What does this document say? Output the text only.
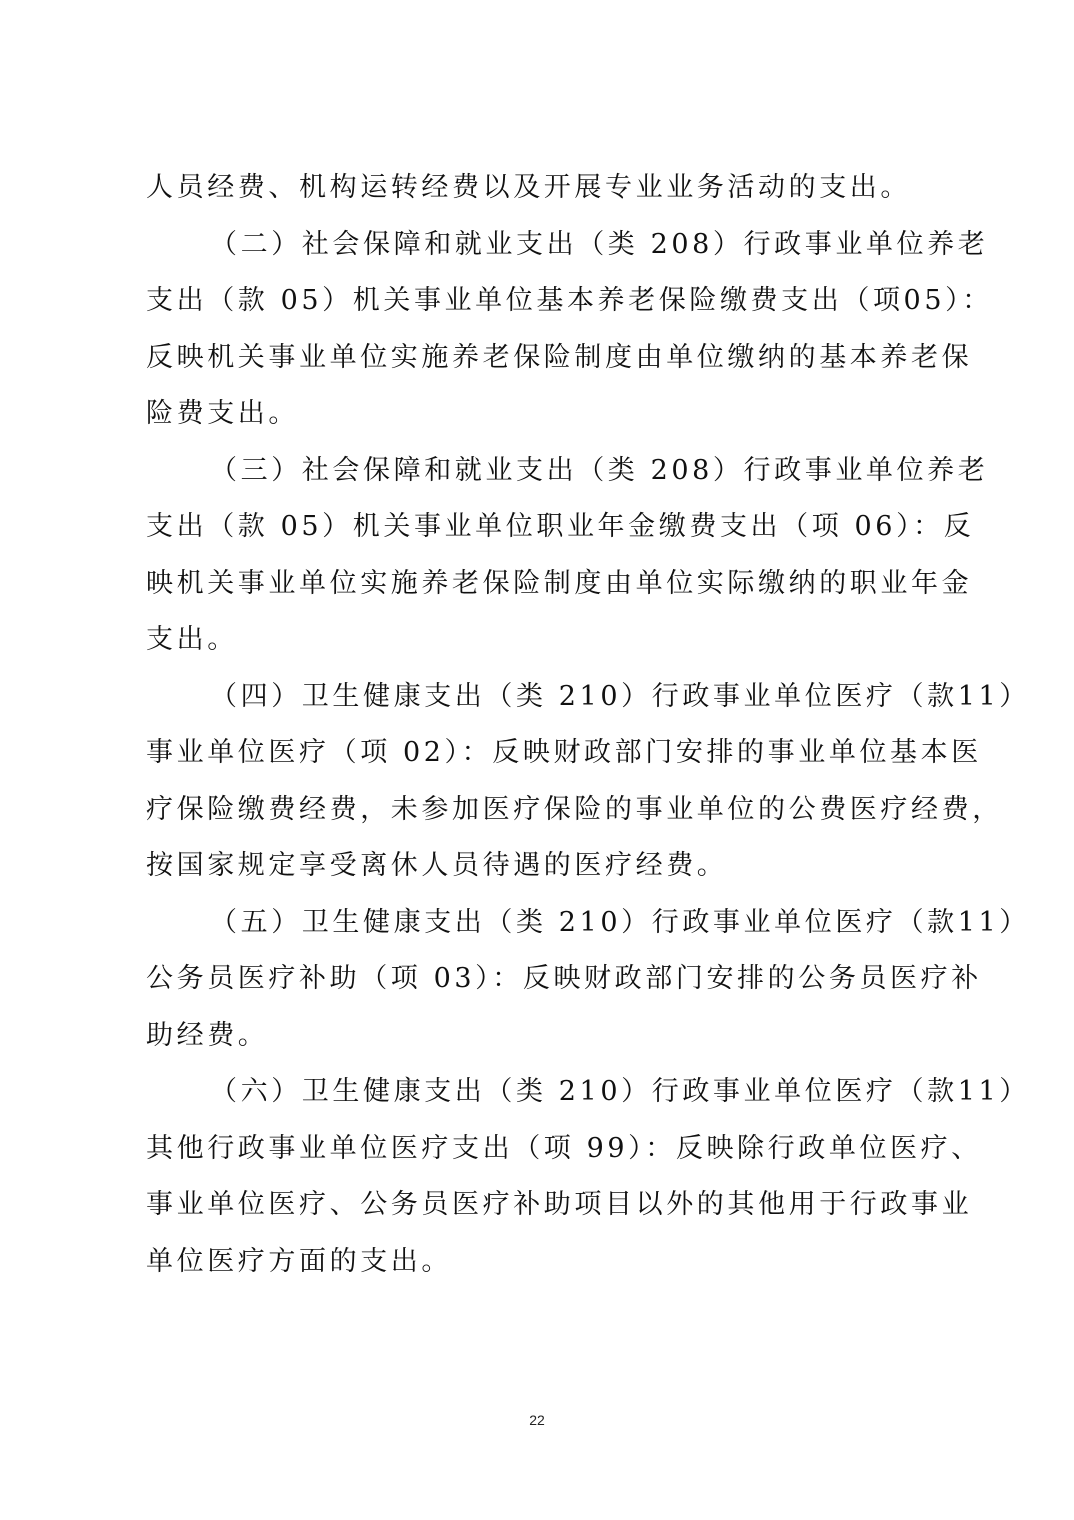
人员经费、机构运转经费以及开展专业业务活动的支出。
（二）社会保障和就业支出（类 208）行政事业单位养老
支出（款 05）机关事业单位基本养老保险缴费支出（项05）：
反映机关事业单位实施养老保险制度由单位缴纳的基本养老保
险费支出。
（三）社会保障和就业支出（类 208）行政事业单位养老
支出（款 05）机关事业单位职业年金缴费支出（项 06）：反
映机关事业单位实施养老保险制度由单位实际缴纳的职业年金
支出。
（四）卫生健康支出（类 210）行政事业单位医疗（款11）
事业单位医疗（项 02）：反映财政部门安排的事业单位基本医
疗保险缴费经费，未参加医疗保险的事业单位的公费医疗经费，
按国家规定享受离休人员待遇的医疗经费。
（五）卫生健康支出（类 210）行政事业单位医疗（款11）
公务员医疗补助（项 03）：反映财政部门安排的公务员医疗补
助经费。
（六）卫生健康支出（类 210）行政事业单位医疗（款11）
其他行政事业单位医疗支出（项 99）：反映除行政单位医疗、
事业单位医疗、公务员医疗补助项目以外的其他用于行政事业
单位医疗方面的支出。
22
